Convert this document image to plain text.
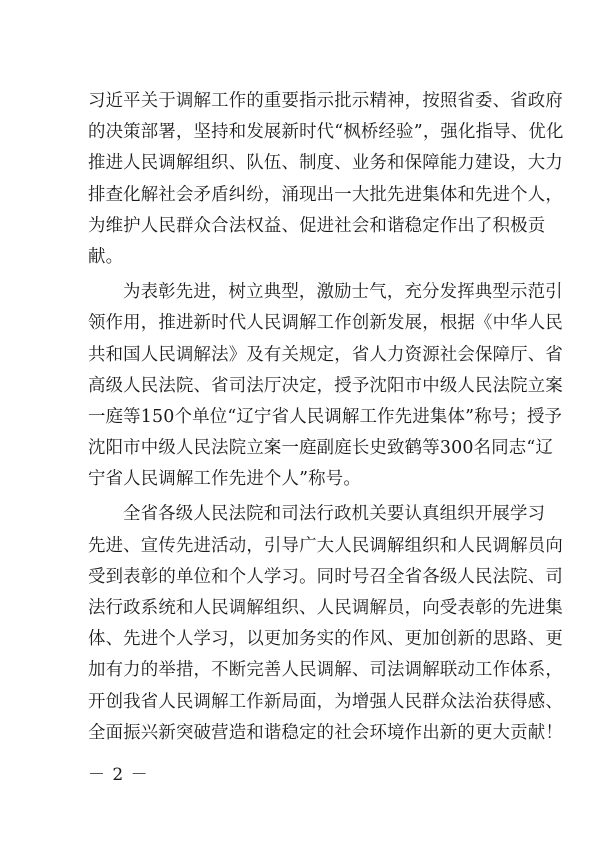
习近平关于调解工作的重要指示批示精神，按照省委、省政府
的决策部署，坚持和发展新时代“枫桥经验”，强化指导、优化
推进人民调解组织、队伍、制度、业务和保障能力建设，大力
排查化解社会矛盾纠纷，涌现出一大批先进集体和先进个人，
为维护人民群众合法权益、促进社会和谐稳定作出了积极贡
献。
为表彰先进，树立典型，激励士气，充分发挥典型示范引
领作用，推进新时代人民调解工作创新发展，根据《中华人民
共和国人民调解法》及有关规定，省人力资源社会保障厅、省
高级人民法院、省司法厅决定，授予沈阳市中级人民法院立案
一庭等150个单位“辽宁省人民调解工作先进集体”称号；授予
沈阳市中级人民法院立案一庭副庭长史致鹤等300名同志“辽
宁省人民调解工作先进个人”称号。
全省各级人民法院和司法行政机关要认真组织开展学习
先进、宣传先进活动，引导广大人民调解组织和人民调解员向
受到表彰的单位和个人学习。同时号召全省各级人民法院、司
法行政系统和人民调解组织、人民调解员，向受表彰的先进集
体、先进个人学习，以更加务实的作风、更加创新的思路、更
加有力的举措，不断完善人民调解、司法调解联动工作体系，
开创我省人民调解工作新局面，为增强人民群众法治获得感、
全面振兴新突破营造和谐稳定的社会环境作出新的更大贡献！
－ 2 －
